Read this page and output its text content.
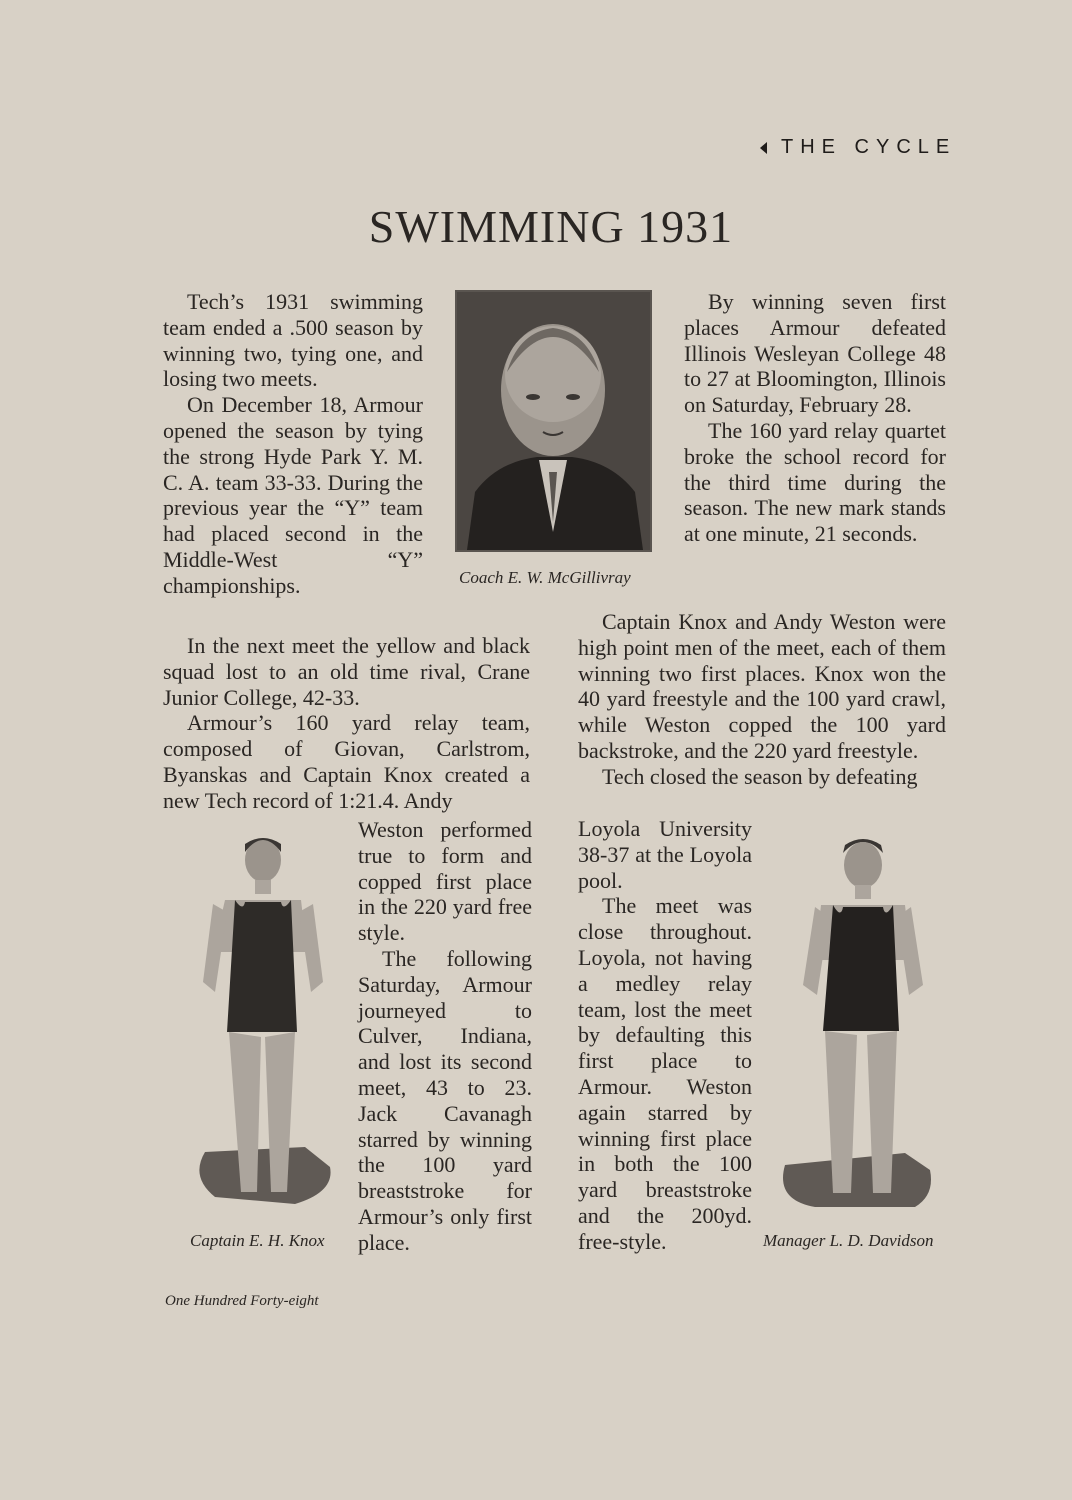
THE CYCLE
SWIMMING 1931

Tech’s 1931 swimming team ended a .500 season by winning two, tying one, and losing two meets.

On December 18, Armour opened the season by tying the strong Hyde Park Y. M. C. A. team 33-33. During the previous year the “Y” team had placed second in the Middle-West “Y” championships.	Coach E. W. McGillivray

In the next meet the yellow and black squad lost to an old time rival, Crane Junior College, 42-33.

Armour’s 160 yard relay team, composed of Giovan, Carlstrom, Byanskas and Captain Knox created a new Tech record of 1:21.4. Andy

Captain E. H. Knox

Weston performed true to form and copped first place in the 220 yard free style.

The following Saturday, Armour journeyed to Culver, Indiana, and lost its second meet, 43 to 23. Jack Cavanagh starred by winning the 100 yard breaststroke for Armour’s only first place.

By winning seven first places Armour defeated Illinois Wesleyan College 48 to 27 at Bloomington, Illinois on Saturday, February 28.

The 160 yard relay quartet broke the school record for the third time during the season. The new mark stands at one minute, 21 seconds.

Captain Knox and Andy Weston were high point men of the meet, each of them winning two first places. Knox won the 40 yard freestyle and the 100 yard crawl, while Weston copped the 100 yard backstroke, and the 220 yard freestyle.

Tech closed the season by defeating

Loyola University 38-37 at the Loyola pool.

The meet was close throughout. Loyola, not having a medley relay team, lost the meet by defaulting this first place to Armour. Weston again starred by winning first place in both the 100 yard breaststroke and the 200yd. free-style.	Manager L. D. Davidson
One Hundred Forty-eight
